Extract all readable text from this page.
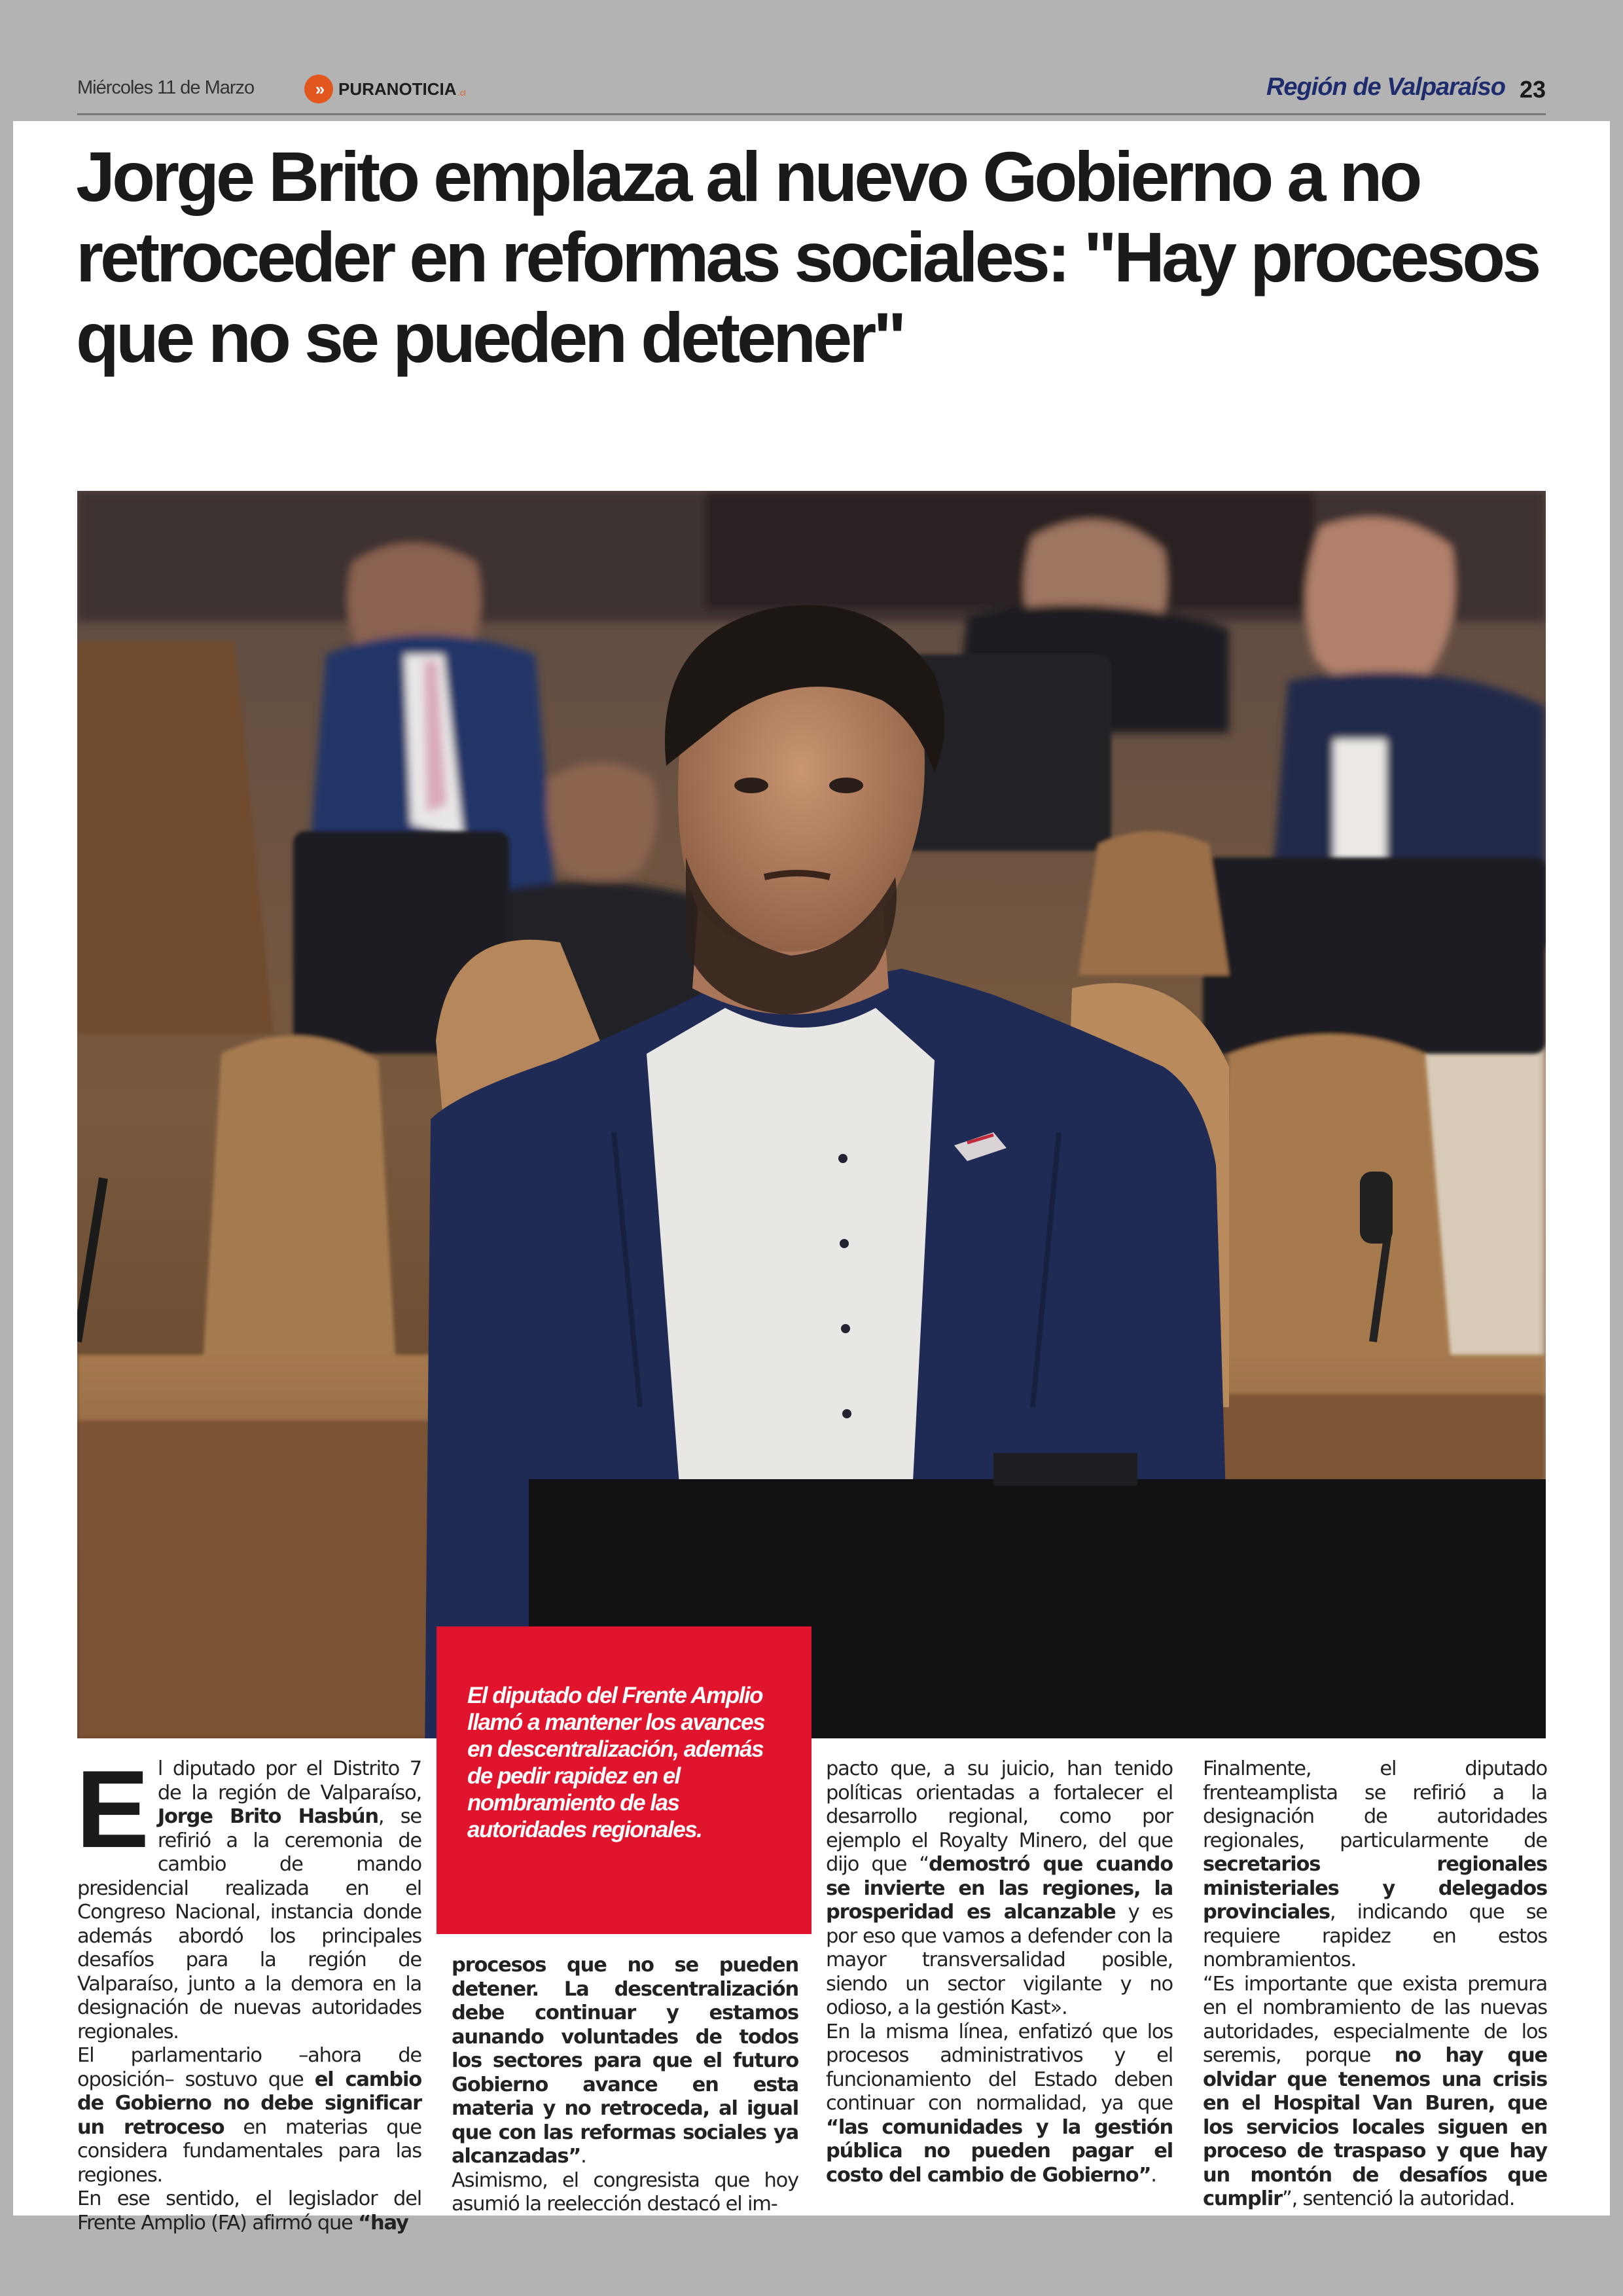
Miércoles 11 de Marzo	» PURANOTICIA .cl	Región de Valparaíso 23
Jorge Brito emplaza al nuevo Gobierno a no retroceder en reformas sociales: "Hay procesos que no se pueden detener"

El diputado del Frente Amplio llamó a mantener los avances en descentralización, además de pedir rapidez en el nombramiento de las autoridades regionales.

E l diputado por el Distrito 7 de la región de Valparaíso, Jorge Brito Hasbún, se refirió a la ceremonia de cambio de mando presidencial realizada en el Congreso Nacional, instancia donde además abordó los principales desafíos para la región de Valparaíso, junto a la demora en la designación de nuevas autoridades regionales.

El parlamentario –ahora de oposición– sostuvo que el cambio de Gobierno no debe significar un retroceso en materias que considera fundamentales para las regiones.

En ese sentido, el legislador del Frente Amplio (FA) afirmó que “hay

procesos que no se pueden detener. La descentralización debe continuar y estamos aunando voluntades de todos los sectores para que el futuro Gobierno avance en esta materia y no retroceda, al igual que con las reformas sociales ya alcanzadas”.

Asimismo, el congresista que hoy asumió la reelección destacó el im-

pacto que, a su juicio, han tenido políticas orientadas a fortalecer el desarrollo regional, como por ejemplo el Royalty Minero, del que dijo que “demostró que cuando se invierte en las regiones, la prosperidad es alcanzable y es por eso que vamos a defender con la mayor transversalidad posible, siendo un sector vigilante y no odioso, a la gestión Kast».

En la misma línea, enfatizó que los procesos administrativos y el funcionamiento del Estado deben continuar con normalidad, ya que “las comunidades y la gestión pública no pueden pagar el costo del cambio de Gobierno”.

Finalmente, el diputado frenteamplista se refirió a la designación de autoridades regionales, particularmente de secretarios regionales ministeriales y delegados provinciales, indicando que se requiere rapidez en estos nombramientos.

“Es importante que exista premura en el nombramiento de las nuevas autoridades, especialmente de los seremis, porque no hay que olvidar que tenemos una crisis en el Hospital Van Buren, que los servicios locales siguen en proceso de traspaso y que hay un montón de desafíos que cumplir”, sentenció la autoridad.
